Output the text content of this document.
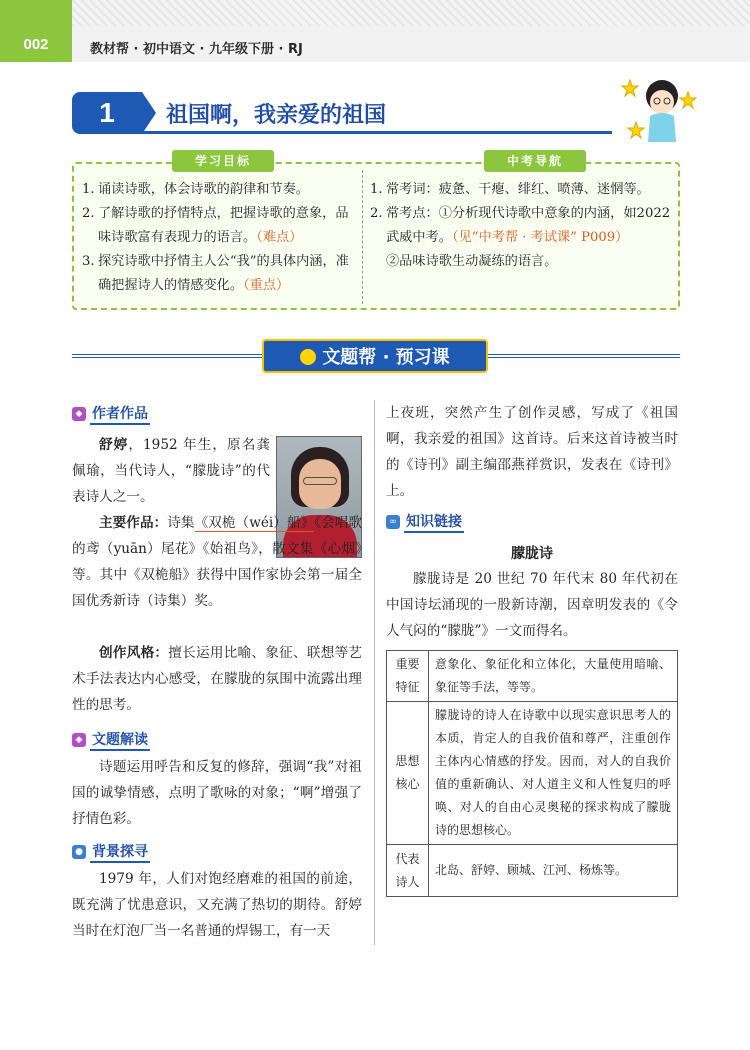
002	教材帮 · 初中语文 · 九年级下册 · RJ
1	祖国啊，我亲爱的祖国
学习目标	中考导航
1. 诵读诗歌，体会诗歌的韵律和节奏。
2. 了解诗歌的抒情特点，把握诗歌的意象，品味诗歌富有表现力的语言。（难点）
3. 探究诗歌中抒情主人公“我”的具体内涵，准确把握诗人的情感变化。（重点）
1. 常考词：疲惫、干瘪、绯红、喷薄、迷惘等。
2. 常考点：①分析现代诗歌中意象的内涵，如2022 武威中考。（见“中考帮 · 考试课” P009）
②品味诗歌生动凝练的语言。
文题帮 · 预习课
◆ 作者作品
舒婷，1952 年生，原名龚佩瑜，当代诗人，“朦胧诗”的代表诗人之一。
主要作品：诗集《双桅（wéi）船》《会唱歌的鸢（yuān）尾花》《始祖鸟》，散文集《心烟》等。其中《双桅船》获得中国作家协会第一届全国优秀新诗（诗集）奖。
创作风格：擅长运用比喻、象征、联想等艺术手法表达内心感受，在朦胧的氛围中流露出理性的思考。
◆ 文题解读
诗题运用呼告和反复的修辞，强调“我”对祖国的诚挚情感，点明了歌咏的对象；“啊”增强了抒情色彩。
● 背景探寻
1979 年，人们对饱经磨难的祖国的前途，既充满了忧患意识，又充满了热切的期待。舒婷当时在灯泡厂当一名普通的焊锡工，有一天
上夜班，突然产生了创作灵感，写成了《祖国啊，我亲爱的祖国》这首诗。后来这首诗被当时的《诗刊》副主编邵燕祥赏识，发表在《诗刊》上。
∞ 知识链接
朦胧诗
朦胧诗是 20 世纪 70 年代末 80 年代初在中国诗坛涌现的一股新诗潮，因章明发表的《令人气闷的“朦胧”》一文而得名。
重要特征	意象化、象征化和立体化，大量使用暗喻、象征等手法，等等。
思想核心	朦胧诗的诗人在诗歌中以现实意识思考人的本质，肯定人的自我价值和尊严，注重创作主体内心情感的抒发。因而，对人的自我价值的重新确认、对人道主义和人性复归的呼唤、对人的自由心灵奥秘的探求构成了朦胧诗的思想核心。
代表诗人	北岛、舒婷、顾城、江河、杨炼等。
